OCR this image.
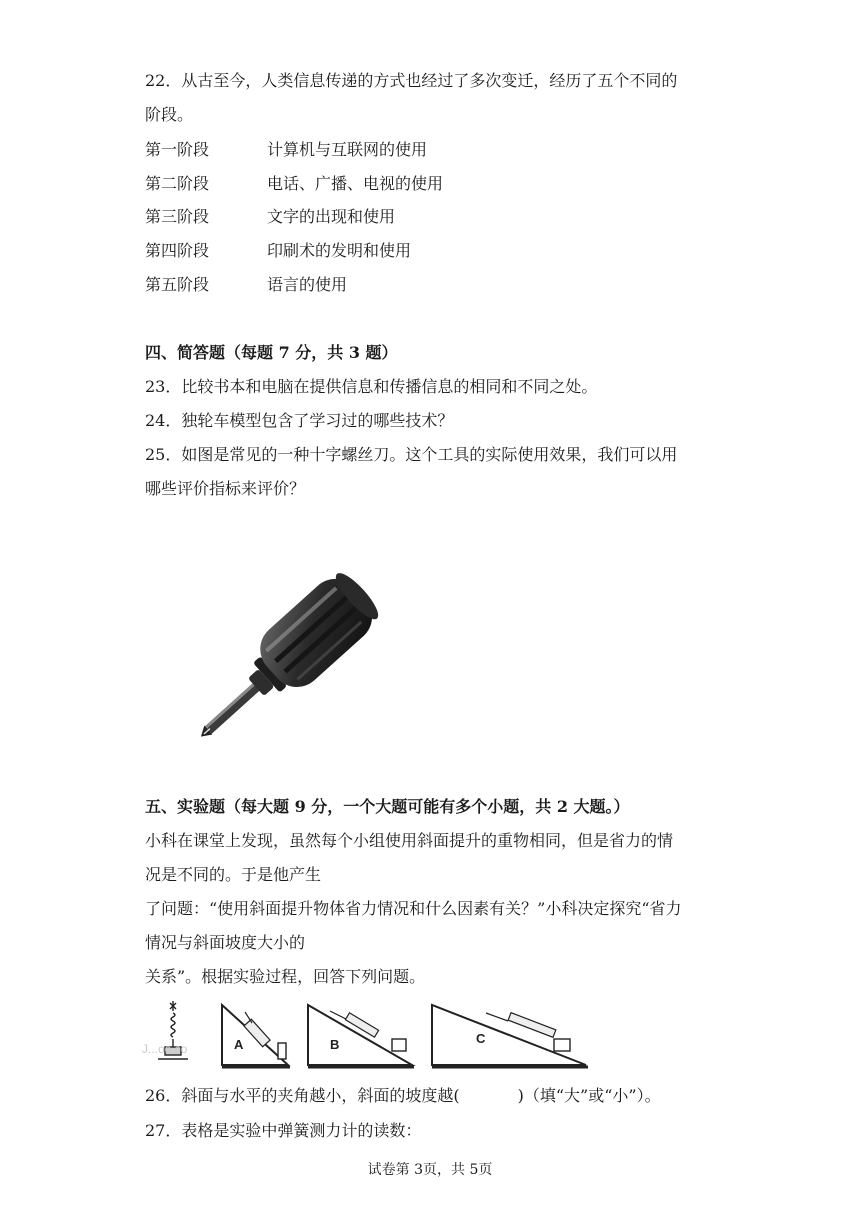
22．从古至今，人类信息传递的方式也经过了多次变迁，经历了五个不同的
阶段。
第一阶段	计算机与互联网的使用
第二阶段	电话、广播、电视的使用
第三阶段	文字的出现和使用
第四阶段	印刷术的发明和使用
第五阶段	语言的使用
四、简答题（每题 7 分，共 3 题）
23．比较书本和电脑在提供信息和传播信息的相同和不同之处。
24．独轮车模型包含了学习过的哪些技术？
25．如图是常见的一种十字螺丝刀。这个工具的实际使用效果，我们可以用
哪些评价指标来评价？
五、实验题（每大题 9 分，一个大题可能有多个小题，共 2 大题。）
小科在课堂上发现，虽然每个小组使用斜面提升的重物相同，但是省力的情
况是不同的。于是他产生
了问题：“使用斜面提升物体省力情况和什么因素有关？”小科决定探究“省力
情况与斜面坡度大小的
关系”。根据实验过程，回答下列问题。
J...oo.co	A	B	C
26．斜面与水平的夹角越小，斜面的坡度越(	)（填“大”或“小”）。
27．表格是实验中弹簧测力计的读数：
试卷第 3页，共 5页
